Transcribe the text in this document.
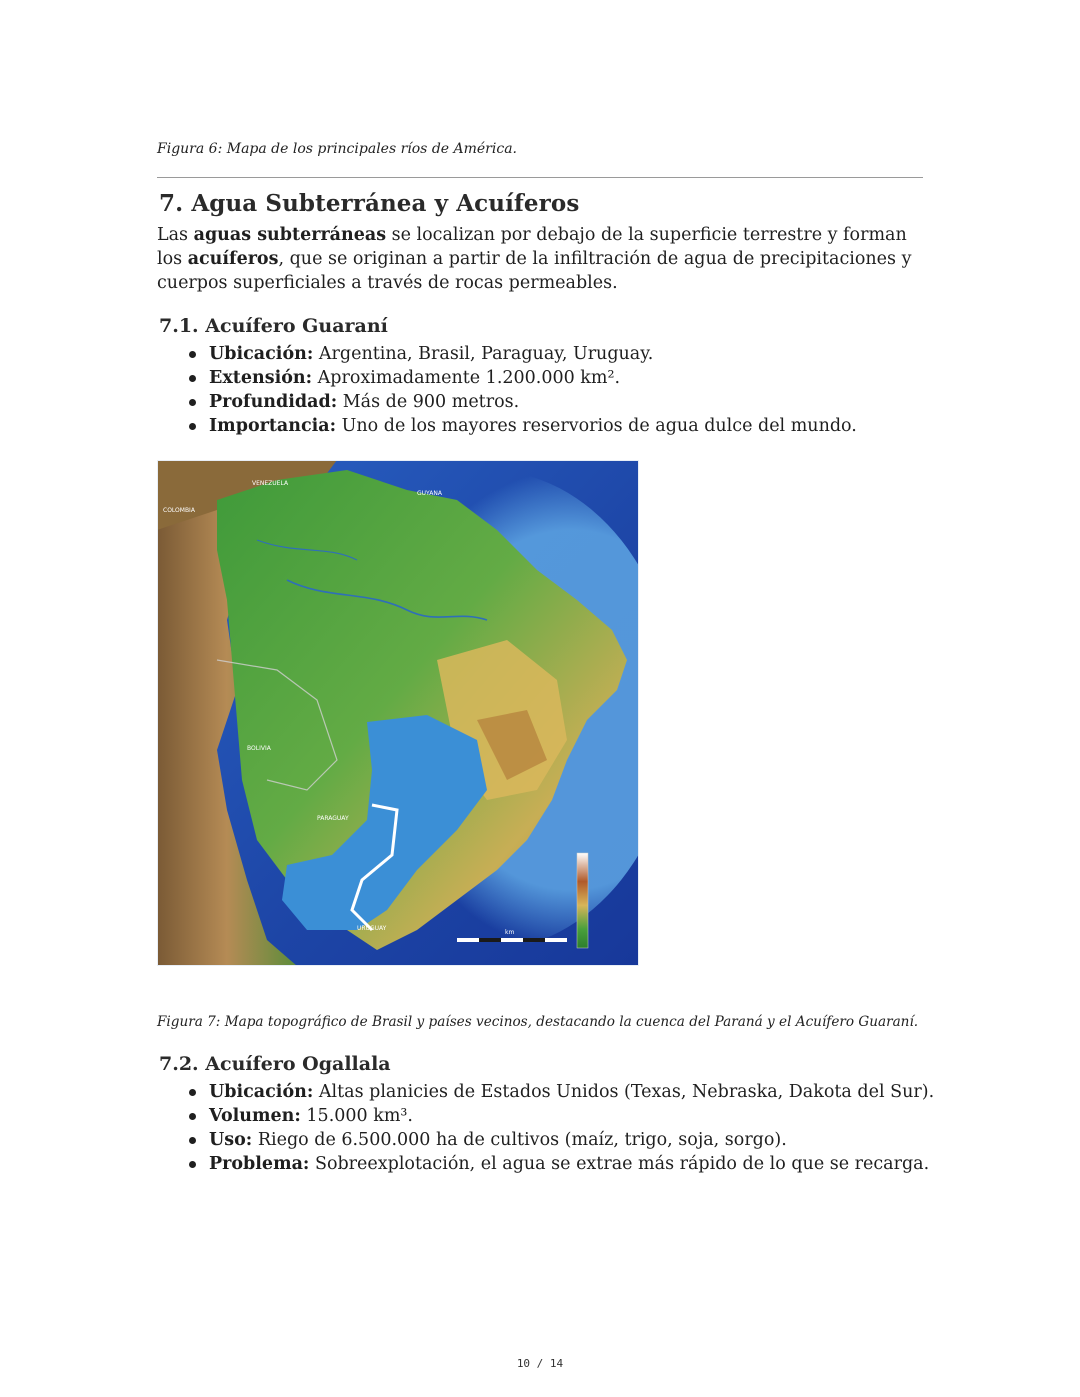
Figura 6: Mapa de los principales ríos de América.
7. Agua Subterránea y Acuíferos

Las aguas subterráneas se localizan por debajo de la superficie terrestre y forman los acuíferos, que se originan a partir de la infiltración de agua de precipitaciones y cuerpos superficiales a través de rocas permeables.

7.1. Acuífero Guaraní
Ubicación: Argentina, Brasil, Paraguay, Uruguay.
Extensión: Aproximadamente 1.200.000 km².
Profundidad: Más de 900 metros.
Importancia: Uno de los mayores reservorios de agua dulce del mundo.
VENEZUELA
COLOMBIA
GUYANA
BOLIVIA
PARAGUAY
URUGUAY
km
Figura 7: Mapa topográfico de Brasil y países vecinos, destacando la cuenca del Paraná y el Acuífero Guaraní.
7.2. Acuífero Ogallala
Ubicación: Altas planicies de Estados Unidos (Texas, Nebraska, Dakota del Sur).
Volumen: 15.000 km³.
Uso: Riego de 6.500.000 ha de cultivos (maíz, trigo, soja, sorgo).
Problema: Sobreexplotación, el agua se extrae más rápido de lo que se recarga.
10 / 14
